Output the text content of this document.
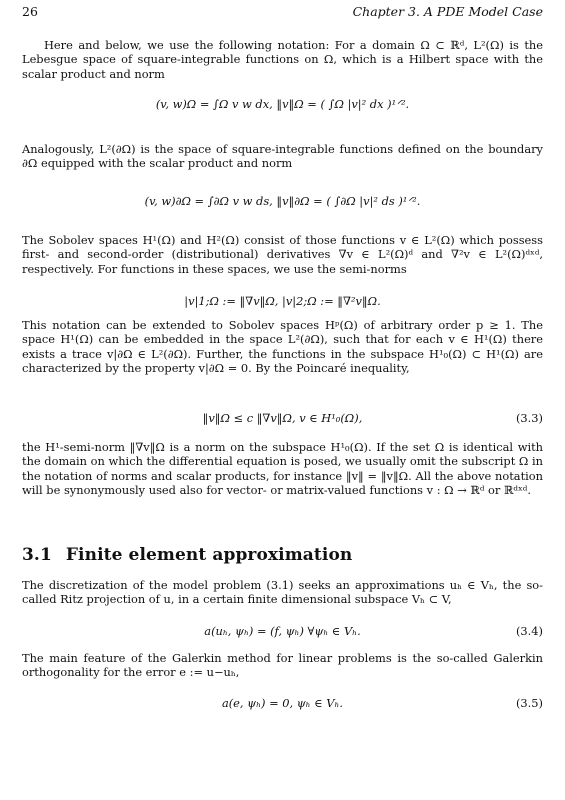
26	Chapter 3. A PDE Model Case

Here and below, we use the following notation: For a domain Ω ⊂ ℝᵈ, L²(Ω) is the Lebesgue space of square-integrable functions on Ω, which is a Hilbert space with the scalar product and norm

(v, w)Ω = ∫Ω v w dx, ‖v‖Ω = ( ∫Ω |v|² dx )¹ᐟ².

Analogously, L²(∂Ω) is the space of square-integrable functions defined on the boundary ∂Ω equipped with the scalar product and norm

(v, w)∂Ω = ∫∂Ω v w ds, ‖v‖∂Ω = ( ∫∂Ω |v|² ds )¹ᐟ².

The Sobolev spaces H¹(Ω) and H²(Ω) consist of those functions v ∈ L²(Ω) which possess first- and second-order (distributional) derivatives ∇v ∈ L²(Ω)ᵈ and ∇²v ∈ L²(Ω)ᵈˣᵈ, respectively. For functions in these spaces, we use the semi-norms

|v|1;Ω := ‖∇v‖Ω, |v|2;Ω := ‖∇²v‖Ω.

This notation can be extended to Sobolev spaces Hᵖ(Ω) of arbitrary order p ≥ 1. The space H¹(Ω) can be embedded in the space L²(∂Ω), such that for each v ∈ H¹(Ω) there exists a trace v|∂Ω ∈ L²(∂Ω). Further, the functions in the subspace H¹₀(Ω) ⊂ H¹(Ω) are characterized by the property v|∂Ω = 0. By the Poincaré inequality,

‖v‖Ω ≤ c ‖∇v‖Ω, v ∈ H¹₀(Ω),	(3.3)

the H¹-semi-norm ‖∇v‖Ω is a norm on the subspace H¹₀(Ω). If the set Ω is identical with the domain on which the differential equation is posed, we usually omit the subscript Ω in the notation of norms and scalar products, for instance ‖v‖ = ‖v‖Ω. All the above notation will be synonymously used also for vector- or matrix-valued functions v : Ω → ℝᵈ or ℝᵈˣᵈ.

3.1 Finite element approximation

The discretization of the model problem (3.1) seeks an approximations uₕ ∈ Vₕ, the so-called Ritz projection of u, in a certain finite dimensional subspace Vₕ ⊂ V,

a(uₕ, ψₕ) = (f, ψₕ) ∀ψₕ ∈ Vₕ.	(3.4)

The main feature of the Galerkin method for linear problems is the so-called Galerkin orthogonality for the error e := u−uₕ,

a(e, ψₕ) = 0, ψₕ ∈ Vₕ.	(3.5)
